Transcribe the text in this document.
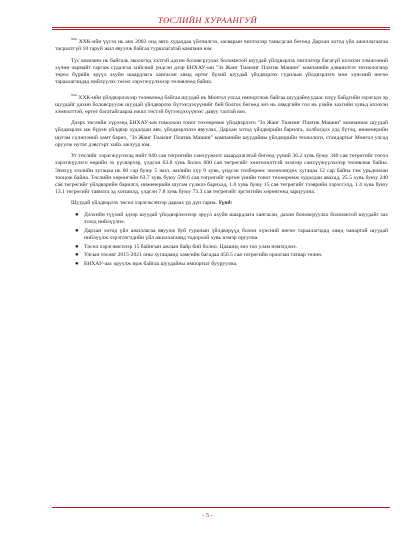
ТӨСЛИЙН ХУРААНГУЙ

$^{ххх}$ ХХК-ийн үүсэл нь анх 2003 онд авто худалдаа үйлчилгээ, засварын чиглэлээр таньгдсан бөгөөд Дархан хотод үйл ажиллагаагаа тасралтгүй 10 гаруй жил явуулж байгаа туршлагатай компани юм.

Тус компани нь байгаль экологид хэлтэй дахин боловсруулах боломжтой шуудай үйлдвэрлэх чиглэлээр багагүй ихээхэн хэмжээний хүчин чармайт гаргаж судалгаа хийсний үндсэн дээр БНХАУ-ын "Зэ Жанг Тианзнг Платик Машин" компанийн дэвшилтэт технологиор төрөл бүрийн эрүүл ахуйн шаардлага хангасан хямд өртөг бүхий шуудай үйлдвэрлэх гурилын үйлдвэрлэгч мөн хүнсний нөгөө тараалагчидад нийлүүлэх төсөл хэрэгжүүлэхээр төлөвлөөд байна.

$^{ххх}$ ХХК-ийн үйлдвэрлэхээр төлөвлөөд байгаа шуудай нь Монгол улсад импортлож байгаа шуудайнуудаас илүү байдгийн зэрэгцээ эр шуудайг дахин боловсруулж шуудай үйлдвэрлэх бүтээгдэхүүнийг бий болгох бөгөөд энэ нь хямдгийн гол нь үзийн захгийн хувьд ихээхэн хэмнэлттэй, өртөг багатайгаараа ижил төстэй бүтээгдэхүүнээс давуу талтай юм.

Дээрх төслийн хүрээнд БНХАУ-ын томоохон тоног төхөөрөмж үйлдвэрлэгч "Зэ Жанг Тианзнг Платик Машин" компаниас шуудай үйлдвэрлэх иж бүрэн үйлдвэр худалдан авч, үйлдвэрлэлээ явуулах, Дархан хотод үйлдвэрийн барилга, холбогдох дэд бүтэц, инженерийн шугам сүлжээний хамт барих, "Зэ Жанг Тианзнг Платик Машин" компанийн шуудайны үйлдвэрийн технологи, стандартыг Монгол улсад оруулж нутаг дэвсгэрт хийх ажлууд юм.

Уг төслийг хэрэгжүүлэхэд нийт 940 сая төгрөгийн санхүүжилт шаардлагатай бөгөөд үүний 36.2 хувь буюу 340 сая төгрөгийг төсөл хэрэгжүүлэгч өөрийн эх үүсвэрээр, үлдсэн 63.8 хувь болох 600 сая төгрөгийг хөнгөлөлттэй зээлээр санхүүжүүлэхээр төлөвлөж байна. Энэхүү зээлийн хугацаа нь 60 сар буюу 5 жил, жилийн хүү 9 хувь, үндсэн төлбөрөөс чөлөөлөгдөх хугацаа 12 сар байна гэж урьдчилан тооцож байна. Төслийн хөрөнгийн 63.7 хувь буюу 598.6 сая төгрөгийг өргөн үнийн тоног төхөөрөмж худалдан авахад, 25.5 хувь буюу 240 сая төгрөгийг үйлдвэрийн барилга, инженерийн шугам сүлжээ барихад, 1.6 хувь буюу 15 сая төгрөгийг тээврийн хэрэгсэлд, 1.4 хувь буюу 13.1 төгрөгийг тавилга эд хогшилд, үлдсэн 7.8 хувь буюу 73.3 сая төгрөгийг эргэлтийн хөрөнгөнд зарцуулна.

Шуудай үйлдвэрлэх төсөл хэрэгжсэнээр дараах үр дүн гарна. Үүнд:

● Дэлхийн түүхий эдээр шуудай үйлдвэрлэснээр эрүүл ахуйн шаардлага хангасан, дахин боловсруулах боломжтой шуудайг зах зээлд нийлүүлнэ.
● Дархан хотод үйл ажиллагаа явуулж буй гурилын үйлдвэрүүд болон хүнсний нөгөө тараалагчдад хямд чанартай шуудай нийлүүлж хэрэглэгчдийн үйл ажиллагаанд тодорхой хувь нэмэр оруулна.
● Төсөл хэрэгжиснээр 15 байнгын ажлын байр бий болно. Цаашид энэ тоо улам нэмэгдэнэ.
● Улсын төсөвт 2015-2021 оны хугацаанд хамгийн багадаа 456.5 сая төгрөгийн орлогын татвар төлнө.
● БНХАУ-аас оруулж ирж байгаа шуудайны импортыг бууруулна.
- 5 -
